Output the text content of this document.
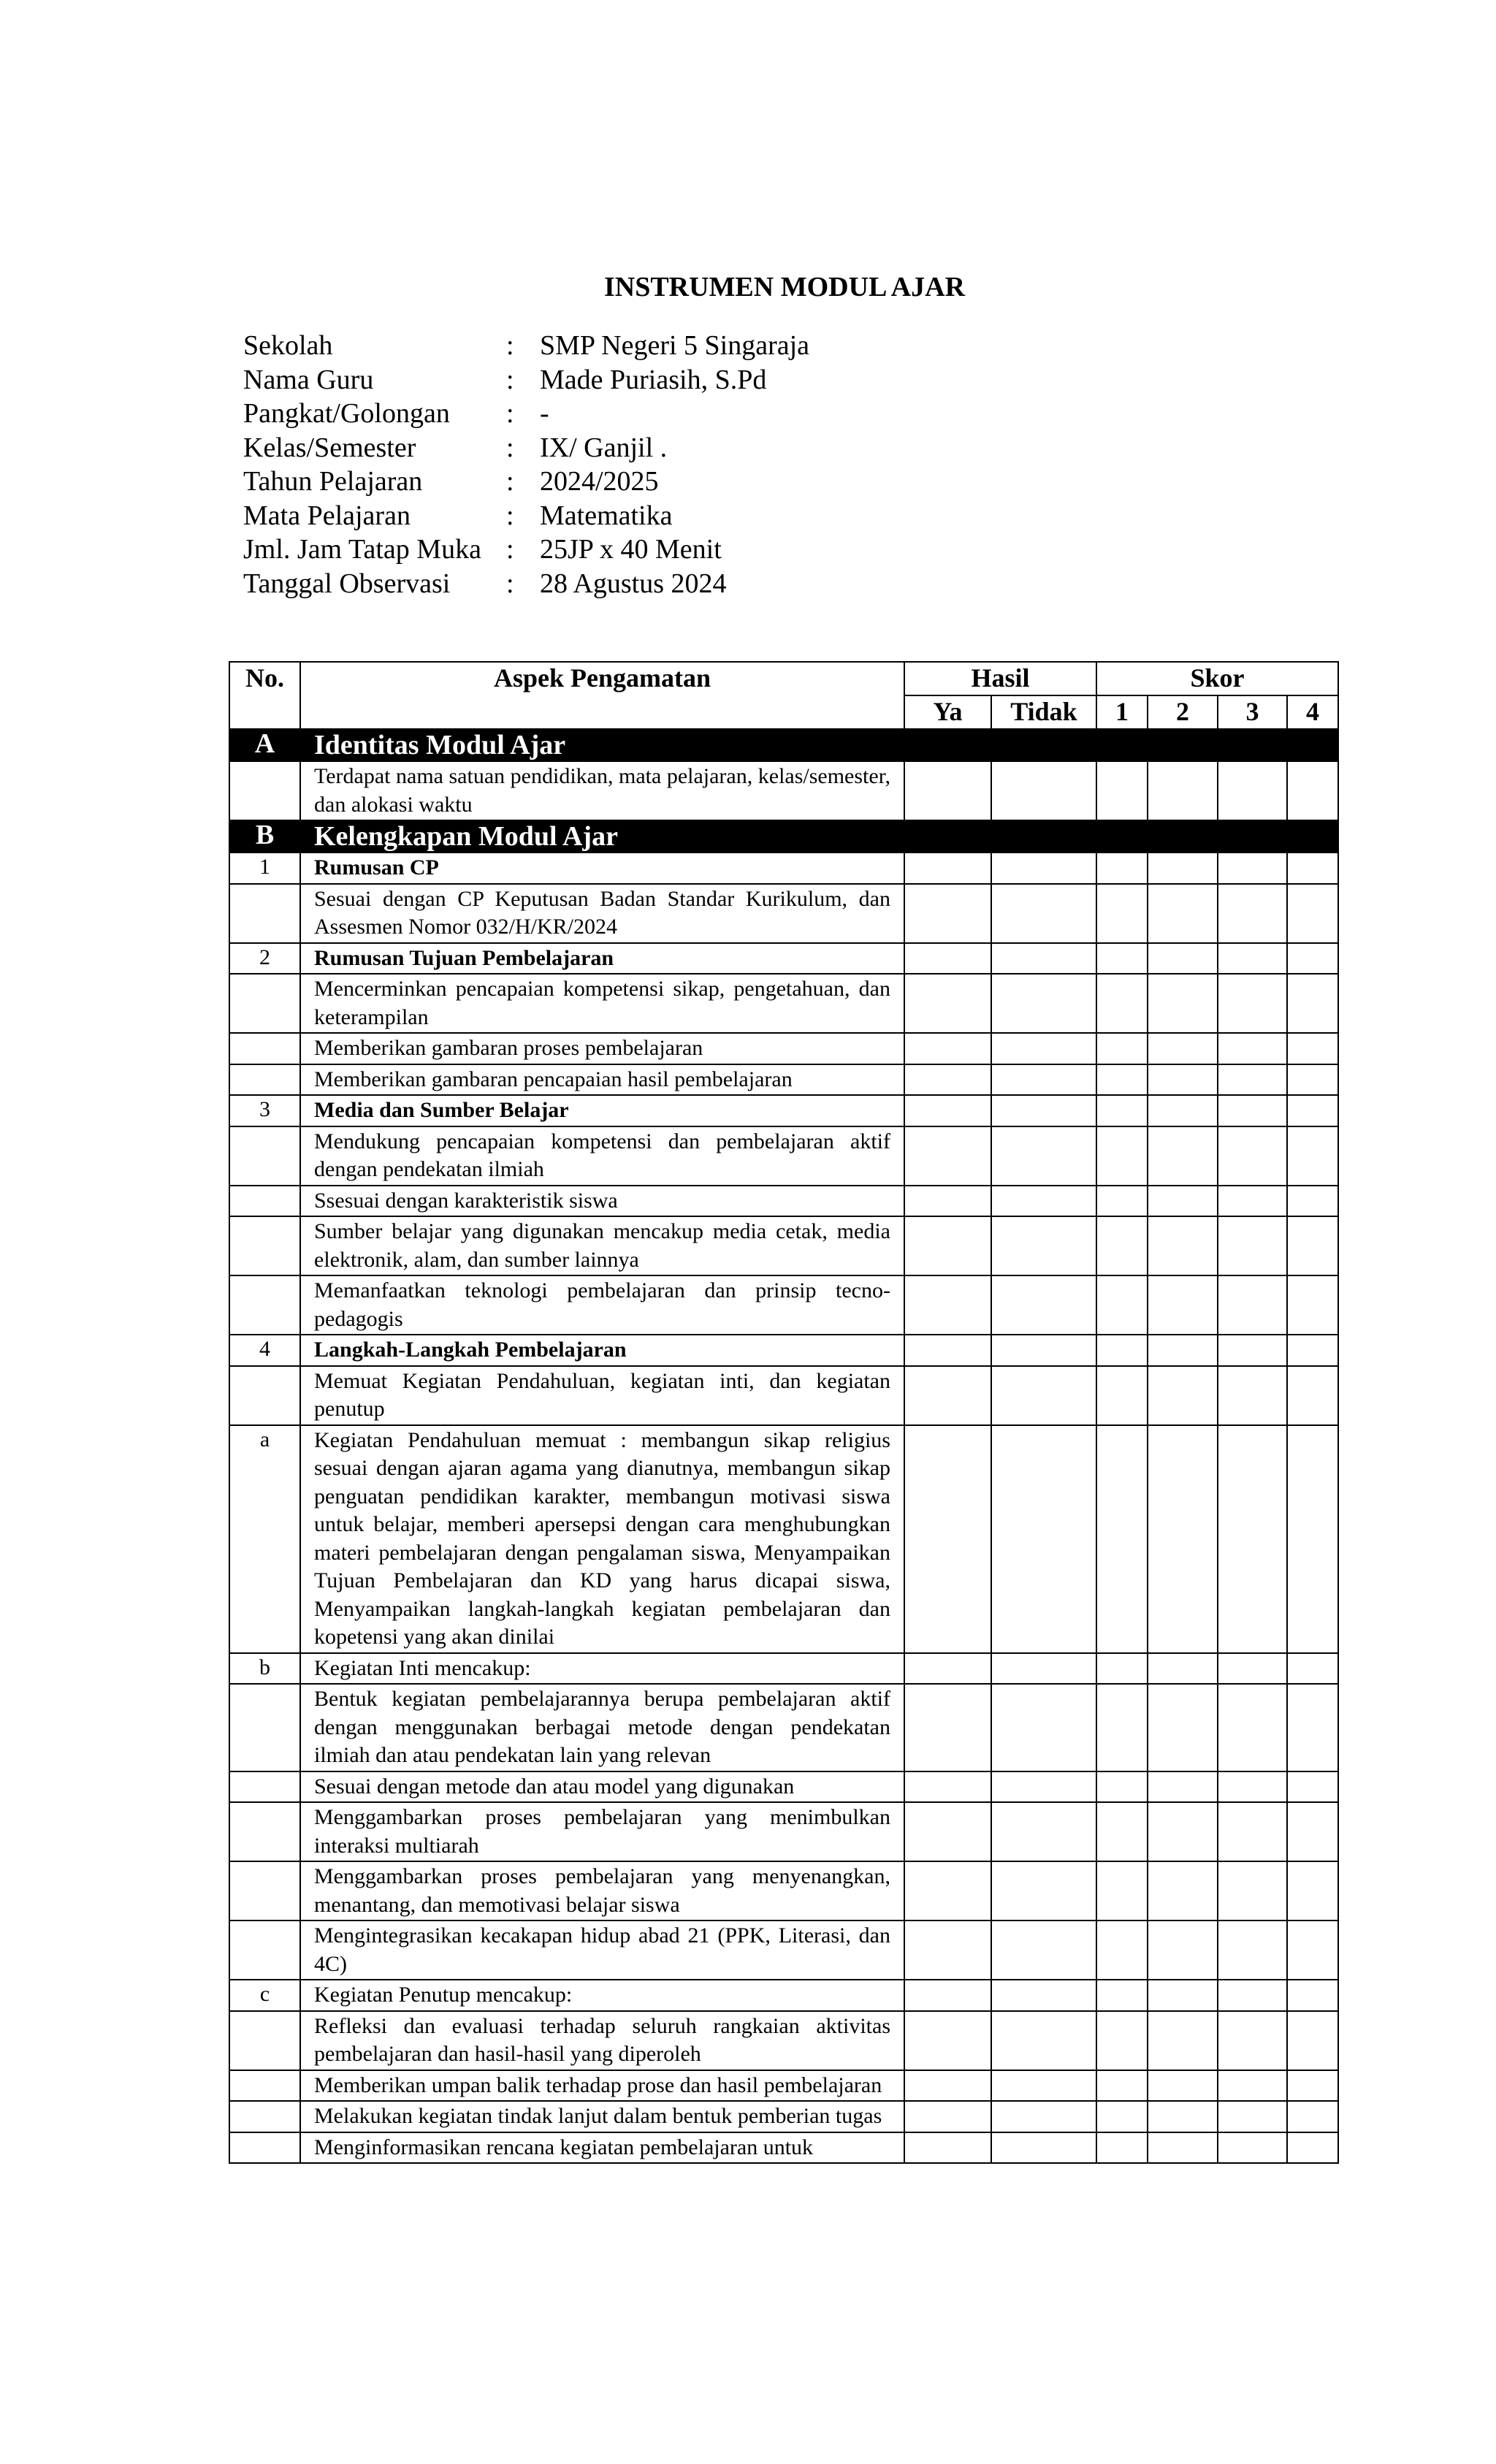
INSTRUMEN MODUL AJAR
Sekolah	: SMP Negeri 5 Singaraja
Nama Guru	: Made Puriasih, S.Pd
Pangkat/Golongan : -
Kelas/Semester	: IX/ Ganjil .
Tahun Pelajaran	: 2024/2025
Mata Pelajaran	: Matematika
Jml. Jam Tatap Muka : 25JP x 40 Menit
Tanggal Observasi : 28 Agustus 2024
No.	Aspek Pengamatan	Hasil		Skor			
		Ya	Tidak	1	2	3	4
A	Identitas Modul Ajar						
	Terdapat nama satuan pendidikan, mata pelajaran, kelas/semester, dan alokasi waktu						
B	Kelengkapan Modul Ajar						
1	Rumusan CP						
	Sesuai dengan CP Keputusan Badan Standar Kurikulum, dan Assesmen Nomor 032/H/KR/2024						
2	Rumusan Tujuan Pembelajaran						
	Mencerminkan pencapaian kompetensi sikap, pengetahuan, dan keterampilan						
	Memberikan gambaran proses pembelajaran						
	Memberikan gambaran pencapaian hasil pembelajaran						
3	Media dan Sumber Belajar						
	Mendukung pencapaian kompetensi dan pembelajaran aktif dengan pendekatan ilmiah						
	Ssesuai dengan karakteristik siswa						
	Sumber belajar yang digunakan mencakup media cetak, media elektronik, alam, dan sumber lainnya						
	Memanfaatkan teknologi pembelajaran dan prinsip tecno-pedagogis						
4	Langkah-Langkah Pembelajaran						
	Memuat Kegiatan Pendahuluan, kegiatan inti, dan kegiatan penutup						
a	Kegiatan Pendahuluan memuat : membangun sikap religius sesuai dengan ajaran agama yang dianutnya, membangun sikap penguatan pendidikan karakter, membangun motivasi siswa untuk belajar, memberi apersepsi dengan cara menghubungkan materi pembelajaran dengan pengalaman siswa, Menyampaikan Tujuan Pembelajaran dan KD yang harus dicapai siswa, Menyampaikan langkah-langkah kegiatan pembelajaran dan kopetensi yang akan dinilai						
b	Kegiatan Inti mencakup:						
	Bentuk kegiatan pembelajarannya berupa pembelajaran aktif dengan menggunakan berbagai metode dengan pendekatan ilmiah dan atau pendekatan lain yang relevan						
	Sesuai dengan metode dan atau model yang digunakan						
	Menggambarkan proses pembelajaran yang menimbulkan interaksi multiarah						
	Menggambarkan proses pembelajaran yang menyenangkan, menantang, dan memotivasi belajar siswa						
	Mengintegrasikan kecakapan hidup abad 21 (PPK, Literasi, dan 4C)						
c	Kegiatan Penutup mencakup:						
	Refleksi dan evaluasi terhadap seluruh rangkaian aktivitas pembelajaran dan hasil-hasil yang diperoleh						
	Memberikan umpan balik terhadap prose dan hasil pembelajaran						
	Melakukan kegiatan tindak lanjut dalam bentuk pemberian tugas						
	Menginformasikan rencana kegiatan pembelajaran untuk						
